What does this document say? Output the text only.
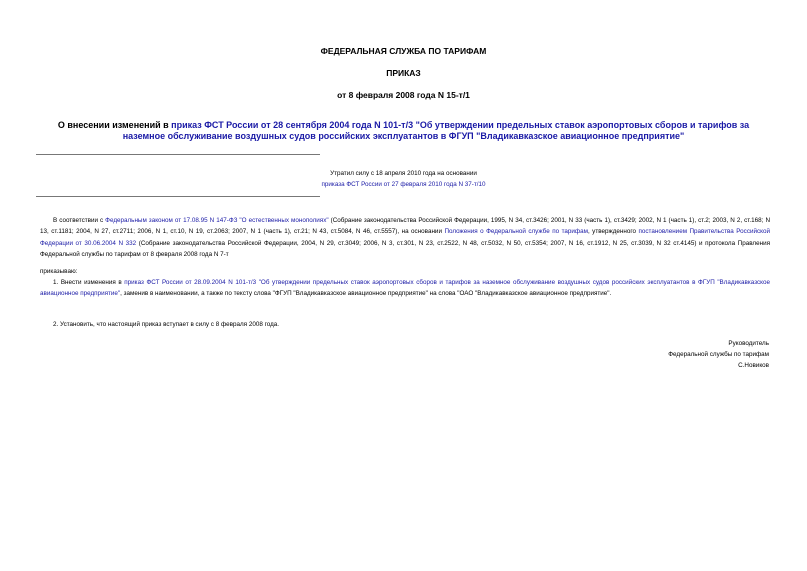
ФЕДЕРАЛЬНАЯ СЛУЖБА ПО ТАРИФАМ
ПРИКАЗ
от 8 февраля 2008 года N 15-т/1
О внесении изменений в приказ ФСТ России от 28 сентября 2004 года N 101-т/3 "Об утверждении предельных ставок аэропортовых сборов и тарифов за наземное обслуживание воздушных судов российских эксплуатантов в ФГУП "Владикавказское авиационное предприятие"
Утратил силу с 18 апреля 2010 года на основании
приказа ФСТ России от 27 февраля 2010 года N 37-т/10
В соответствии с Федеральным законом от 17.08.95 N 147-ФЗ "О естественных монополиях" (Собрание законодательства Российской Федерации, 1995, N 34, ст.3426; 2001, N 33 (часть 1), ст.3429; 2002, N 1 (часть 1), ст.2; 2003, N 2, ст.168; N 13, ст.1181; 2004, N 27, ст.2711; 2006, N 1, ст.10, N 19, ст.2063; 2007, N 1 (часть 1), ст.21; N 43, ст.5084, N 46, ст.5557), на основании Положения о Федеральной службе по тарифам, утвержденного постановлением Правительства Российской Федерации от 30.06.2004 N 332 (Собрание законодательства Российской Федерации, 2004, N 29, ст.3049; 2006, N 3, ст.301, N 23, ст.2522, N 48, ст.5032, N 50, ст.5354; 2007, N 16, ст.1912, N 25, ст.3039, N 32 ст.4145) и протокола Правления Федеральной службы по тарифам от 8 февраля 2008 года N 7-т
приказываю:
1. Внести изменения в приказ ФСТ России от 28.09.2004 N 101-т/3 "Об утверждении предельных ставок аэропортовых сборов и тарифов за наземное обслуживание воздушных судов российских эксплуатантов в ФГУП "Владикавказское авиационное предприятие", заменив в наименовании, а также по тексту слова "ФГУП "Владикавказское авиационное предприятие" на слова "ОАО "Владикавказское авиационное предприятие".
2. Установить, что настоящий приказ вступает в силу с 8 февраля 2008 года.
Руководитель
Федеральной службы по тарифам
С.Новиков
